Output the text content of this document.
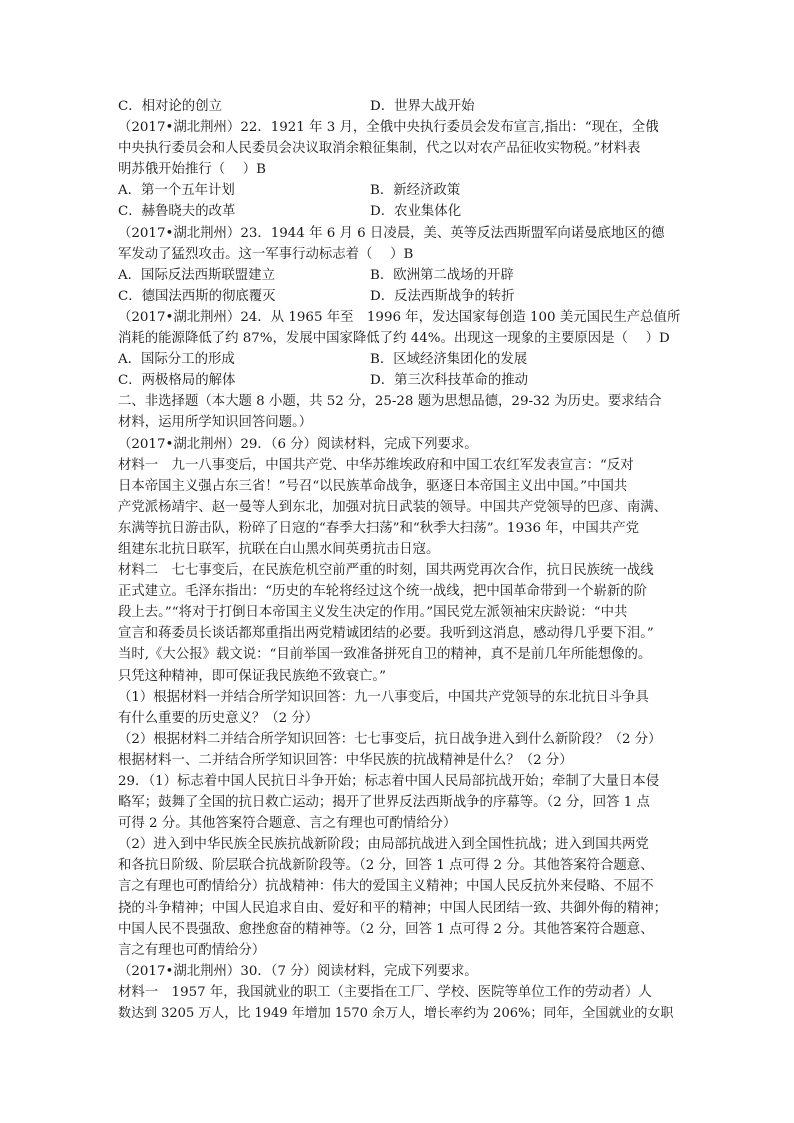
C．相对论的创立	D．世界大战开始
（2017•湖北荆州）22．1921 年 3 月，全俄中央执行委员会发布宣言,指出：“现在，全俄
中央执行委员会和人民委员会决议取消余粮征集制，代之以对农产品征收实物税。”材料表
明苏俄开始推行（　 ）B
A．第一个五年计划	B．新经济政策
C．赫鲁晓夫的改革	D．农业集体化
（2017•湖北荆州）23．1944 年 6 月 6 日凌晨，美、英等反法西斯盟军向诺曼底地区的德
军发动了猛烈攻击。这一军事行动标志着（　 ）B
A．国际反法西斯联盟建立	B．欧洲第二战场的开辟
C．德国法西斯的彻底覆灭	D．反法西斯战争的转折
（2017•湖北荆州）24．从 1965 年至　1996 年，发达国家每创造 100 美元国民生产总值所
消耗的能源降低了约 87%，发展中国家降低了约 44%。出现这一现象的主要原因是（　 ）D
A．国际分工的形成	B．区域经济集团化的发展
C．两极格局的解体	D．第三次科技革命的推动
二、非选择题（本大题 8 小题，共 52 分，25-28 题为思想品德，29-32 为历史。要求结合
材料，运用所学知识回答问题。）
（2017•湖北荆州）29．（6 分）阅读材料，完成下列要求。
材料一　九一八事变后，中国共产党、中华苏维埃政府和中国工农红军发表宣言：“反对
日本帝国主义强占东三省！”号召“以民族革命战争，驱逐日本帝国主义出中国。”中国共
产党派杨靖宇、赵一曼等人到东北，加强对抗日武装的领导。中国共产党领导的巴彦、南满、
东满等抗日游击队，粉碎了日寇的“春季大扫荡”和“秋季大扫荡”。1936 年，中国共产党
组建东北抗日联军，抗联在白山黑水间英勇抗击日寇。
材料二　七七事变后，在民族危机空前严重的时刻，国共两党再次合作，抗日民族统一战线
正式建立。毛泽东指出：“历史的车轮将经过这个统一战线，把中国革命带到一个崭新的阶
段上去。”“将对于打倒日本帝国主义发生决定的作用。”国民党左派领袖宋庆龄说：“中共
宣言和蒋委员长谈话都郑重指出两党精诚团结的必要。我听到这消息，感动得几乎要下泪。”
当时,《大公报》载文说：“目前举国一致准备拼死自卫的精神，真不是前几年所能想像的。
只凭这种精神，即可保证我民族绝不致衰亡。”
（1）根据材料一并结合所学知识回答：九一八事变后，中国共产党领导的东北抗日斗争具
有什么重要的历史意义？（2 分）
（2）根据材料二并结合所学知识回答：七七事变后，抗日战争进入到什么新阶段？（2 分）
根据材料一、二并结合所学知识回答：中华民族的抗战精神是什么？（2 分）
29．（1）标志着中国人民抗日斗争开始；标志着中国人民局部抗战开始；牵制了大量日本侵
略军；鼓舞了全国的抗日救亡运动；揭开了世界反法西斯战争的序幕等。（2 分，回答 1 点
可得 2 分。其他答案符合题意、言之有理也可酌情给分）
（2）进入到中华民族全民族抗战新阶段；由局部抗战进入到全国性抗战；进入到国共两党
和各抗日阶级、阶层联合抗战新阶段等。（2 分，回答 1 点可得 2 分。其他答案符合题意、
言之有理也可酌情给分）抗战精神：伟大的爱国主义精神；中国人民反抗外来侵略、不屈不
挠的斗争精神；中国人民追求自由、爱好和平的精神；中国人民团结一致、共御外侮的精神；
中国人民不畏强敌、愈挫愈奋的精神等。（2 分，回答 1 点可得 2 分。其他答案符合题意、
言之有理也可酌情给分）
（2017•湖北荆州）30．（7 分）阅读材料，完成下列要求。
材料一　1957 年，我国就业的职工（主要指在工厂、学校、医院等单位工作的劳动者）人
数达到 3205 万人，比 1949 年增加 1570 余万人，增长率约为 206%；同年，全国就业的女职
